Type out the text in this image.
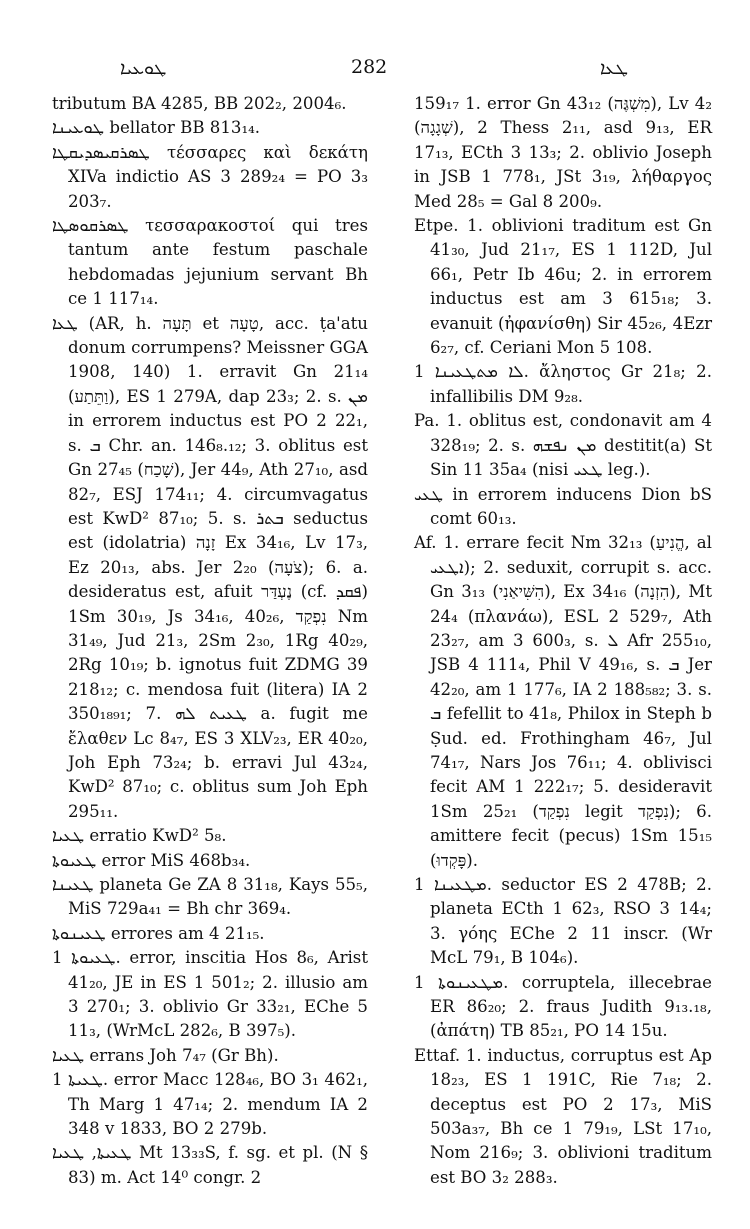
ܛܘܥܝܐ	282	ܛܥܐ

tributum BA 4285, BB 202₂, 2004₆.

ܛܘܥܝܢܐ bellator BB 813₁₄.

ܛܣܪܩܝܣܕܝܩܛܐ τέσσαρες καὶ δεκάτη XIVa indictio AS 3 289₂₄ = PO 3₃ 203₇.

ܛܣܪܩܘܣܛܐ τεσσαρακοστοί qui tres tantum ante festum paschale hebdomadas jejunium servant Bh ce 1 117₁₄.

ܛܥܐ (AR, h. תָּעָה et טָעָה, acc. ṭa'atu donum corrumpens? Meissner GGA 1908, 140) 1. erravit Gn 21₁₄ (וַתֵּתַע), ES 1 279A, dap 23₃; 2. s. ܡܢ in errorem inductus est PO 2 22₁, s. ܒ Chr. an. 146₈.₁₂; 3. oblitus est Gn 27₄₅ (שָׁכַח), Jer 44₉, Ath 27₁₀, asd 82₇, ESJ 174₁₁; 4. circumvagatus est KwD² 87₁₀; 5. s. ܒܬܪ seductus est (idolatria) זָנָה Ex 34₁₆, Lv 17₃, Ez 20₁₃, abs. Jer 2₂₀ (צֹעָה); 6. a. desideratus est, afuit נֶעְדַּר (cf. ܦܩܕ) 1Sm 30₁₉, Js 34₁₆, 40₂₆, נִפְקַד Nm 31₄₉, Jud 21₃, 2Sm 2₃₀, 1Rg 40₂₉, 2Rg 10₁₉; b. ignotus fuit ZDMG 39 218₁₂; c. mendosa fuit (litera) IA 2 350₁₈₉₁; 7. ܛܥܝܬ ܠܗ a. fugit me ἔλαθεν Lc 8₄₇, ES 3 XLV₂₃, ER 40₂₀, Joh Eph 73₂₄; b. erravi Jul 43₂₄, KwD² 87₁₀; c. oblitus sum Joh Eph 295₁₁.

ܛܥܝܐ erratio KwD² 5₈.

ܛܥܝܘܬܐ error MiS 468b₃₄.

ܛܥܝܢܐ planeta Ge ZA 8 31₁₈, Kays 55₅, MiS 729a₄₁ = Bh chr 369₄.

ܛܥܝܢܘܬܐ errores am 4 21₁₅.

ܛܥܝܘܬܐ 1. error, inscitia Hos 8₆, Arist 41₂₀, JE in ES 1 501₂; 2. illusio am 3 270₁; 3. oblivio Gr 33₂₁, EChe 5 11₃, (WrMcL 282₆, B 397₅).

ܛܥܝܐ errans Joh 7₄₇ (Gr Bh).

ܛܥܝܬܐ 1. error Macc 128₄₆, BO 3₁ 462₁, Th Marg 1 47₁₄; 2. mendum IA 2 348 v 1833, BO 2 279b.

ܛܥܝܬܐ, ܛܥܝܐ Mt 13₃₃S, f. sg. et pl. (N § 83) m. Act 14⁰ congr. 2

159₁₇ 1. error Gn 43₁₂ (מִשְׁגֶּה), Lv 4₂ (שְׁגָגָה), 2 Thess 2₁₁, asd 9₁₃, ER 17₁₃, ECth 3 13₃; 2. oblivio Joseph in JSB 1 778₁, JSt 3₁₉, λήθαργος Med 28₅ = Gal 8 200₉.

Etpe. 1. oblivioni traditum est Gn 41₃₀, Jud 21₁₇, ES 1 112D, Jul 66₁, Petr Ib 46u; 2. in errorem inductus est am 3 615₁₈; 3. evanuit (ἠφανίσθη) Sir 45₂₆, 4Ezr 6₂₇, cf. Ceriani Mon 5 108.

ܠܐ ܡܬܛܥܝܢܐ 1. ἄληστος Gr 21₈; 2. infallibilis DM 9₂₈.

Pa. 1. oblitus est, condonavit am 4 328₁₉; 2. s. ܡܢ ܢܦܫܗ destitit(a) St Sin 11 35a₄ (nisi ܛܥܝ leg.).

ܛܥܝ in errorem inducens Dion bS comt 60₁₃.

Af. 1. errare fecit Nm 32₁₃ (הֱנִיעַ, al ܐܛܥܝ); 2. seduxit, corrupit s. acc. Gn 3₁₃ (הִשִּׁיאַנִי), Ex 34₁₆ (הִזְנָה), Mt 24₄ (πλανάω), ESL 2 529₇, Ath 23₂₇, am 3 600₃, s. ܠ Afr 255₁₀, JSB 4 111₄, Phil V 49₁₆, s. ܒ Jer 42₂₀, am 1 177₆, IA 2 188₅₈₂; 3. s. ܒ fefellit to 41₈, Philox in Steph b Ṣud. ed. Frothingham 46₇, Jul 74₁₇, Nars Jos 76₁₁; 4. oblivisci fecit AM 1 222₁₇; 5. desideravit 1Sm 25₂₁ (נִפְקַד legit נִפְקַד); 6. amittere fecit (pecus) 1Sm 15₁₅ (פָּקְדוּ).

ܡܛܥܝܢܐ 1. seductor ES 2 478B; 2. planeta ECth 1 62₃, RSO 3 14₄; 3. γόης EChe 2 11 inscr. (Wr McL 79₁, B 104₆).

ܡܛܥܝܢܘܬܐ 1. corruptela, illecebrae ER 86₂₀; 2. fraus Judith 9₁₃.₁₈, (ἀπάτη) TB 85₂₁, PO 14 15u.

Ettaf. 1. inductus, corruptus est Ap 18₂₃, ES 1 191C, Rie 7₁₈; 2. deceptus est PO 2 17₃, MiS 503a₃₇, Bh ce 1 79₁₉, LSt 17₁₀, Nom 216₉; 3. oblivioni traditum est BO 3₂ 288₃.
